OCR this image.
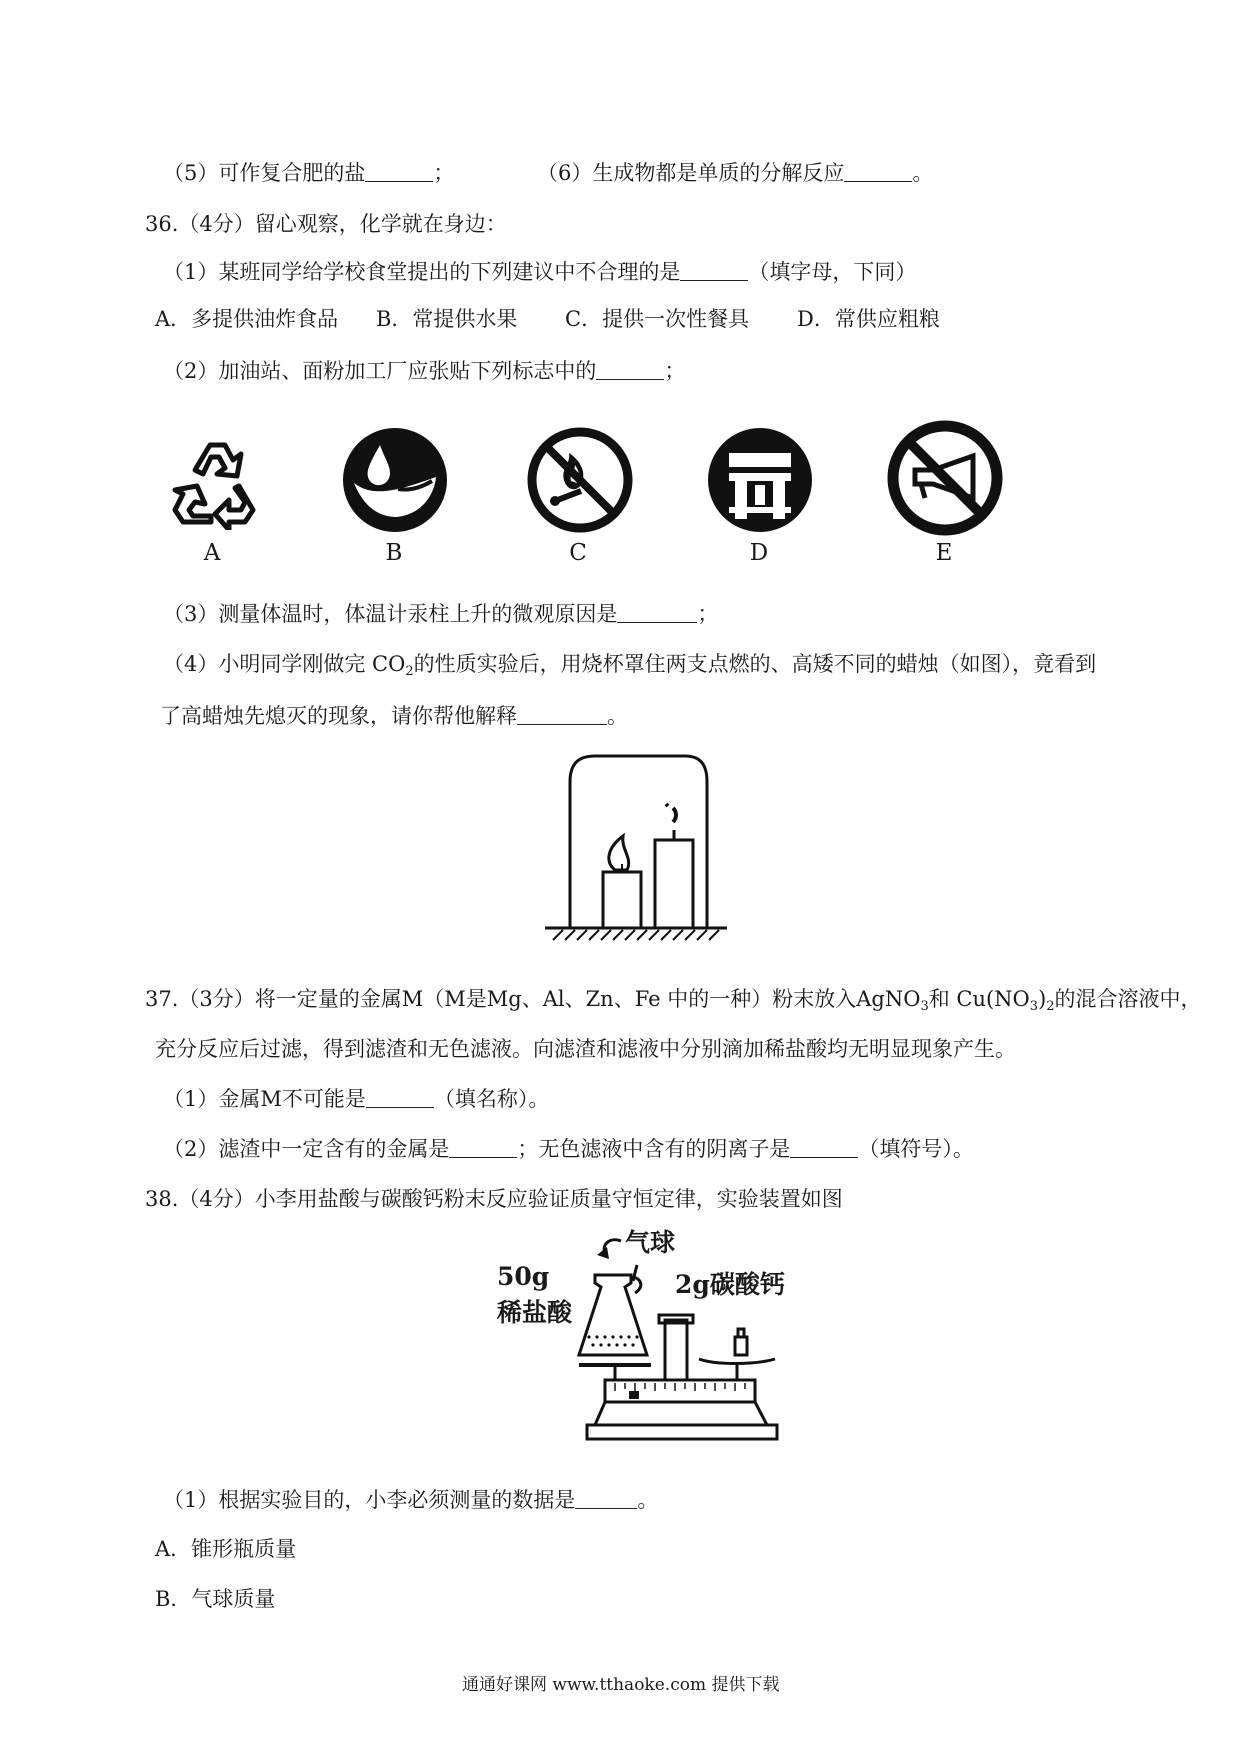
（5）可作复合肥的盐	；	（6）生成物都是单质的分解反应	。
36.（4分）留心观察，化学就在身边：
（1）某班同学给学校食堂提出的下列建议中不合理的是	（填字母，下同）
A．多提供油炸食品 B．常提供水果 C．提供一次性餐具 D．常供应粗粮
（2）加油站、面粉加工厂应张贴下列标志中的	；
A	B	C	D	E
（3）测量体温时，体温计汞柱上升的微观原因是	；
（4）小明同学刚做完 $CO_2$的性质实验后，用烧杯罩住两支点燃的、高矮不同的蜡烛（如图），竟看到
了高蜡烛先熄灭的现象，请你帮他解释	。
37.（3分）将一定量的金属M（M是Mg、Al、Zn、Fe 中的一种）粉末放入AgNO$_3$和 $Cu(NO_3)_2$的混合溶液中，
充分反应后过滤，得到滤渣和无色滤液。向滤渣和滤液中分别滴加稀盐酸均无明显现象产生。
（1）金属M不可能是	（填名称）。
（2）滤渣中一定含有的金属是	；无色滤液中含有的阴离子是	（填符号）。
38.（4分）小李用盐酸与碳酸钙粉末反应验证质量守恒定律，实验装置如图
气球
50g
稀盐酸
2g碳酸钙
（1）根据实验目的，小李必须测量的数据是	。
A．锥形瓶质量
B．气球质量
通通好课网 www.tthaoke.com 提供下载
